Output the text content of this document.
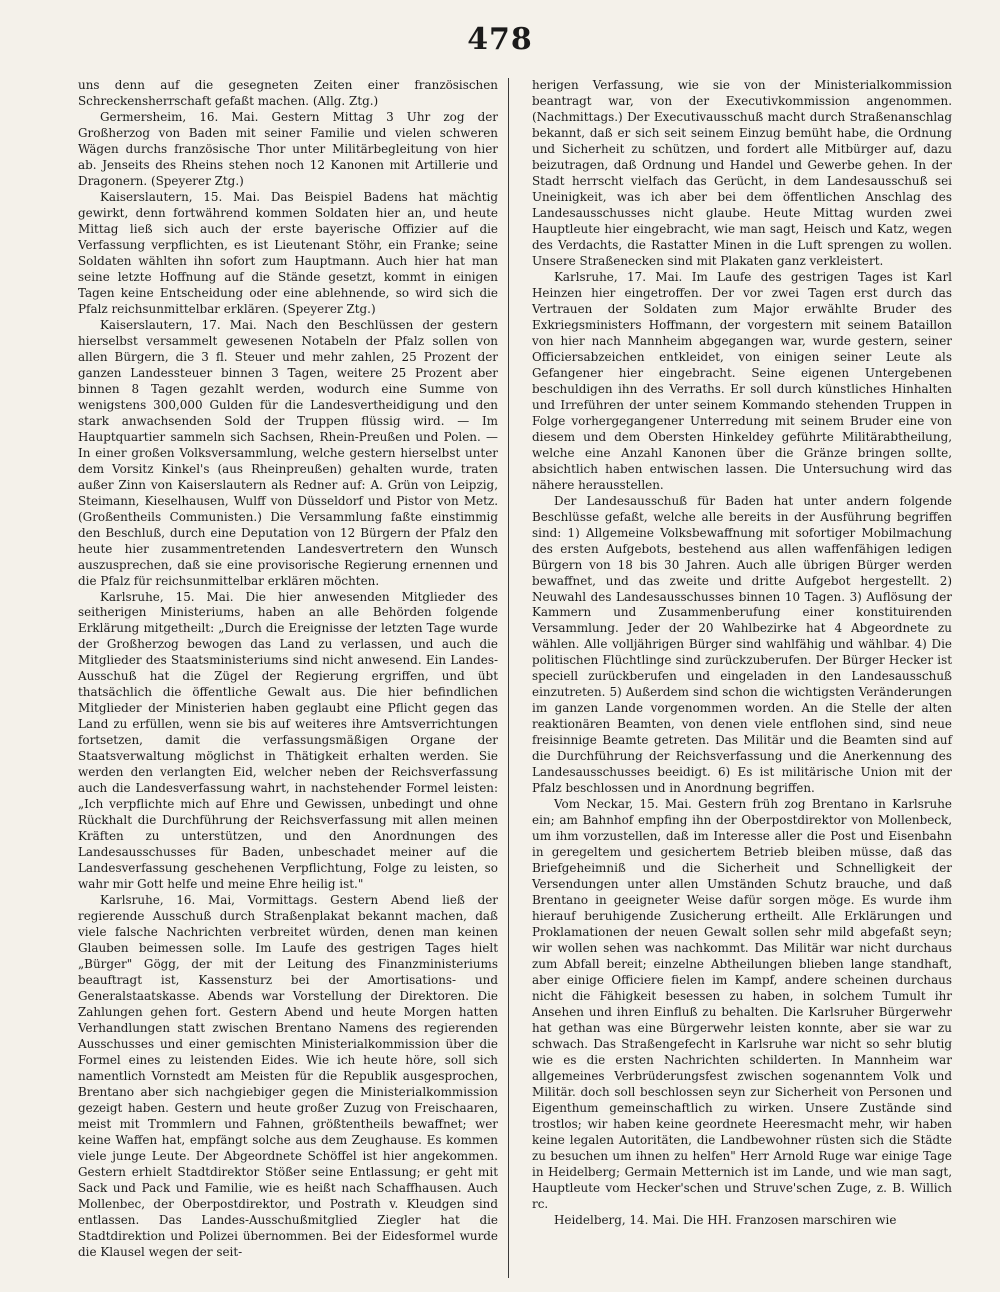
478

uns denn auf die gesegneten Zeiten einer französischen Schreckensherrschaft gefaßt machen. (Allg. Ztg.)

Germersheim, 16. Mai. Gestern Mittag 3 Uhr zog der Großherzog von Baden mit seiner Familie und vielen schweren Wägen durchs französische Thor unter Militärbegleitung von hier ab. Jenseits des Rheins stehen noch 12 Kanonen mit Artillerie und Dragonern. (Speyerer Ztg.)

Kaiserslautern, 15. Mai. Das Beispiel Badens hat mächtig gewirkt, denn fortwährend kommen Soldaten hier an, und heute Mittag ließ sich auch der erste bayerische Offizier auf die Verfassung verpflichten, es ist Lieutenant Stöhr, ein Franke; seine Soldaten wählten ihn sofort zum Hauptmann. Auch hier hat man seine letzte Hoffnung auf die Stände gesetzt, kommt in einigen Tagen keine Entscheidung oder eine ablehnende, so wird sich die Pfalz reichsunmittelbar erklären. (Speyerer Ztg.)

Kaiserslautern, 17. Mai. Nach den Beschlüssen der gestern hierselbst versammelt gewesenen Notabeln der Pfalz sollen von allen Bürgern, die 3 fl. Steuer und mehr zahlen, 25 Prozent der ganzen Landessteuer binnen 3 Tagen, weitere 25 Prozent aber binnen 8 Tagen gezahlt werden, wodurch eine Summe von wenigstens 300,000 Gulden für die Landesvertheidigung und den stark anwachsenden Sold der Truppen flüssig wird. — Im Hauptquartier sammeln sich Sachsen, Rhein-Preußen und Polen. — In einer großen Volksversammlung, welche gestern hierselbst unter dem Vorsitz Kinkel's (aus Rheinpreußen) gehalten wurde, traten außer Zinn von Kaiserslautern als Redner auf: A. Grün von Leipzig, Steimann, Kieselhausen, Wulff von Düsseldorf und Pistor von Metz. (Großentheils Communisten.) Die Versammlung faßte einstimmig den Beschluß, durch eine Deputation von 12 Bürgern der Pfalz den heute hier zusammentretenden Landesvertretern den Wunsch auszusprechen, daß sie eine provisorische Regierung ernennen und die Pfalz für reichsunmittelbar erklären möchten.

Karlsruhe, 15. Mai. Die hier anwesenden Mitglieder des seitherigen Ministeriums, haben an alle Behörden folgende Erklärung mitgetheilt: „Durch die Ereignisse der letzten Tage wurde der Großherzog bewogen das Land zu verlassen, und auch die Mitglieder des Staatsministeriums sind nicht anwesend. Ein Landes-Ausschuß hat die Zügel der Regierung ergriffen, und übt thatsächlich die öffentliche Gewalt aus. Die hier befindlichen Mitglieder der Ministerien haben geglaubt eine Pflicht gegen das Land zu erfüllen, wenn sie bis auf weiteres ihre Amtsverrichtungen fortsetzen, damit die verfassungsmäßigen Organe der Staatsverwaltung möglichst in Thätigkeit erhalten werden. Sie werden den verlangten Eid, welcher neben der Reichsverfassung auch die Landesverfassung wahrt, in nachstehender Formel leisten: „Ich verpflichte mich auf Ehre und Gewissen, unbedingt und ohne Rückhalt die Durchführung der Reichsverfassung mit allen meinen Kräften zu unterstützen, und den Anordnungen des Landesausschusses für Baden, unbeschadet meiner auf die Landesverfassung geschehenen Verpflichtung, Folge zu leisten, so wahr mir Gott helfe und meine Ehre heilig ist."

Karlsruhe, 16. Mai, Vormittags. Gestern Abend ließ der regierende Ausschuß durch Straßenplakat bekannt machen, daß viele falsche Nachrichten verbreitet würden, denen man keinen Glauben beimessen solle. Im Laufe des gestrigen Tages hielt „Bürger" Gögg, der mit der Leitung des Finanzministeriums beauftragt ist, Kassensturz bei der Amortisations- und Generalstaatskasse. Abends war Vorstellung der Direktoren. Die Zahlungen gehen fort. Gestern Abend und heute Morgen hatten Verhandlungen statt zwischen Brentano Namens des regierenden Ausschusses und einer gemischten Ministerialkommission über die Formel eines zu leistenden Eides. Wie ich heute höre, soll sich namentlich Vornstedt am Meisten für die Republik ausgesprochen, Brentano aber sich nachgiebiger gegen die Ministerialkommission gezeigt haben. Gestern und heute großer Zuzug von Freischaaren, meist mit Trommlern und Fahnen, größtentheils bewaffnet; wer keine Waffen hat, empfängt solche aus dem Zeughause. Es kommen viele junge Leute. Der Abgeordnete Schöffel ist hier angekommen. Gestern erhielt Stadtdirektor Stößer seine Entlassung; er geht mit Sack und Pack und Familie, wie es heißt nach Schaffhausen. Auch Mollenbec, der Oberpostdirektor, und Postrath v. Kleudgen sind entlassen. Das Landes-Ausschußmitglied Ziegler hat die Stadtdirektion und Polizei übernommen. Bei der Eidesformel wurde die Klausel wegen der seit-

herigen Verfassung, wie sie von der Ministerialkommission beantragt war, von der Executivkommission angenommen. (Nachmittags.) Der Executivausschuß macht durch Straßenanschlag bekannt, daß er sich seit seinem Einzug bemüht habe, die Ordnung und Sicherheit zu schützen, und fordert alle Mitbürger auf, dazu beizutragen, daß Ordnung und Handel und Gewerbe gehen. In der Stadt herrscht vielfach das Gerücht, in dem Landesausschuß sei Uneinigkeit, was ich aber bei dem öffentlichen Anschlag des Landesausschusses nicht glaube. Heute Mittag wurden zwei Hauptleute hier eingebracht, wie man sagt, Heisch und Katz, wegen des Verdachts, die Rastatter Minen in die Luft sprengen zu wollen. Unsere Straßenecken sind mit Plakaten ganz verkleistert.

Karlsruhe, 17. Mai. Im Laufe des gestrigen Tages ist Karl Heinzen hier eingetroffen. Der vor zwei Tagen erst durch das Vertrauen der Soldaten zum Major erwählte Bruder des Exkriegsministers Hoffmann, der vorgestern mit seinem Bataillon von hier nach Mannheim abgegangen war, wurde gestern, seiner Officiersabzeichen entkleidet, von einigen seiner Leute als Gefangener hier eingebracht. Seine eigenen Untergebenen beschuldigen ihn des Verraths. Er soll durch künstliches Hinhalten und Irreführen der unter seinem Kommando stehenden Truppen in Folge vorhergegangener Unterredung mit seinem Bruder eine von diesem und dem Obersten Hinkeldey geführte Militärabtheilung, welche eine Anzahl Kanonen über die Gränze bringen sollte, absichtlich haben entwischen lassen. Die Untersuchung wird das nähere herausstellen.

Der Landesausschuß für Baden hat unter andern folgende Beschlüsse gefaßt, welche alle bereits in der Ausführung begriffen sind: 1) Allgemeine Volksbewaffnung mit sofortiger Mobilmachung des ersten Aufgebots, bestehend aus allen waffenfähigen ledigen Bürgern von 18 bis 30 Jahren. Auch alle übrigen Bürger werden bewaffnet, und das zweite und dritte Aufgebot hergestellt. 2) Neuwahl des Landesausschusses binnen 10 Tagen. 3) Auflösung der Kammern und Zusammenberufung einer konstituirenden Versammlung. Jeder der 20 Wahlbezirke hat 4 Abgeordnete zu wählen. Alle volljährigen Bürger sind wahlfähig und wählbar. 4) Die politischen Flüchtlinge sind zurückzuberufen. Der Bürger Hecker ist speciell zurückberufen und eingeladen in den Landesausschuß einzutreten. 5) Außerdem sind schon die wichtigsten Veränderungen im ganzen Lande vorgenommen worden. An die Stelle der alten reaktionären Beamten, von denen viele entflohen sind, sind neue freisinnige Beamte getreten. Das Militär und die Beamten sind auf die Durchführung der Reichsverfassung und die Anerkennung des Landesausschusses beeidigt. 6) Es ist militärische Union mit der Pfalz beschlossen und in Anordnung begriffen.

Vom Neckar, 15. Mai. Gestern früh zog Brentano in Karlsruhe ein; am Bahnhof empfing ihn der Oberpostdirektor von Mollenbeck, um ihm vorzustellen, daß im Interesse aller die Post und Eisenbahn in geregeltem und gesichertem Betrieb bleiben müsse, daß das Briefgeheimniß und die Sicherheit und Schnelligkeit der Versendungen unter allen Umständen Schutz brauche, und daß Brentano in geeigneter Weise dafür sorgen möge. Es wurde ihm hierauf beruhigende Zusicherung ertheilt. Alle Erklärungen und Proklamationen der neuen Gewalt sollen sehr mild abgefaßt seyn; wir wollen sehen was nachkommt. Das Militär war nicht durchaus zum Abfall bereit; einzelne Abtheilungen blieben lange standhaft, aber einige Officiere fielen im Kampf, andere scheinen durchaus nicht die Fähigkeit besessen zu haben, in solchem Tumult ihr Ansehen und ihren Einfluß zu behalten. Die Karlsruher Bürgerwehr hat gethan was eine Bürgerwehr leisten konnte, aber sie war zu schwach. Das Straßengefecht in Karlsruhe war nicht so sehr blutig wie es die ersten Nachrichten schilderten. In Mannheim war allgemeines Verbrüderungsfest zwischen sogenanntem Volk und Militär. doch soll beschlossen seyn zur Sicherheit von Personen und Eigenthum gemeinschaftlich zu wirken. Unsere Zustände sind trostlos; wir haben keine geordnete Heeresmacht mehr, wir haben keine legalen Autoritäten, die Landbewohner rüsten sich die Städte zu besuchen um ihnen zu helfen" Herr Arnold Ruge war einige Tage in Heidelberg; Germain Metternich ist im Lande, und wie man sagt, Hauptleute vom Hecker'schen und Struve'schen Zuge, z. B. Willich rc.

Heidelberg, 14. Mai. Die HH. Franzosen marschiren wie
